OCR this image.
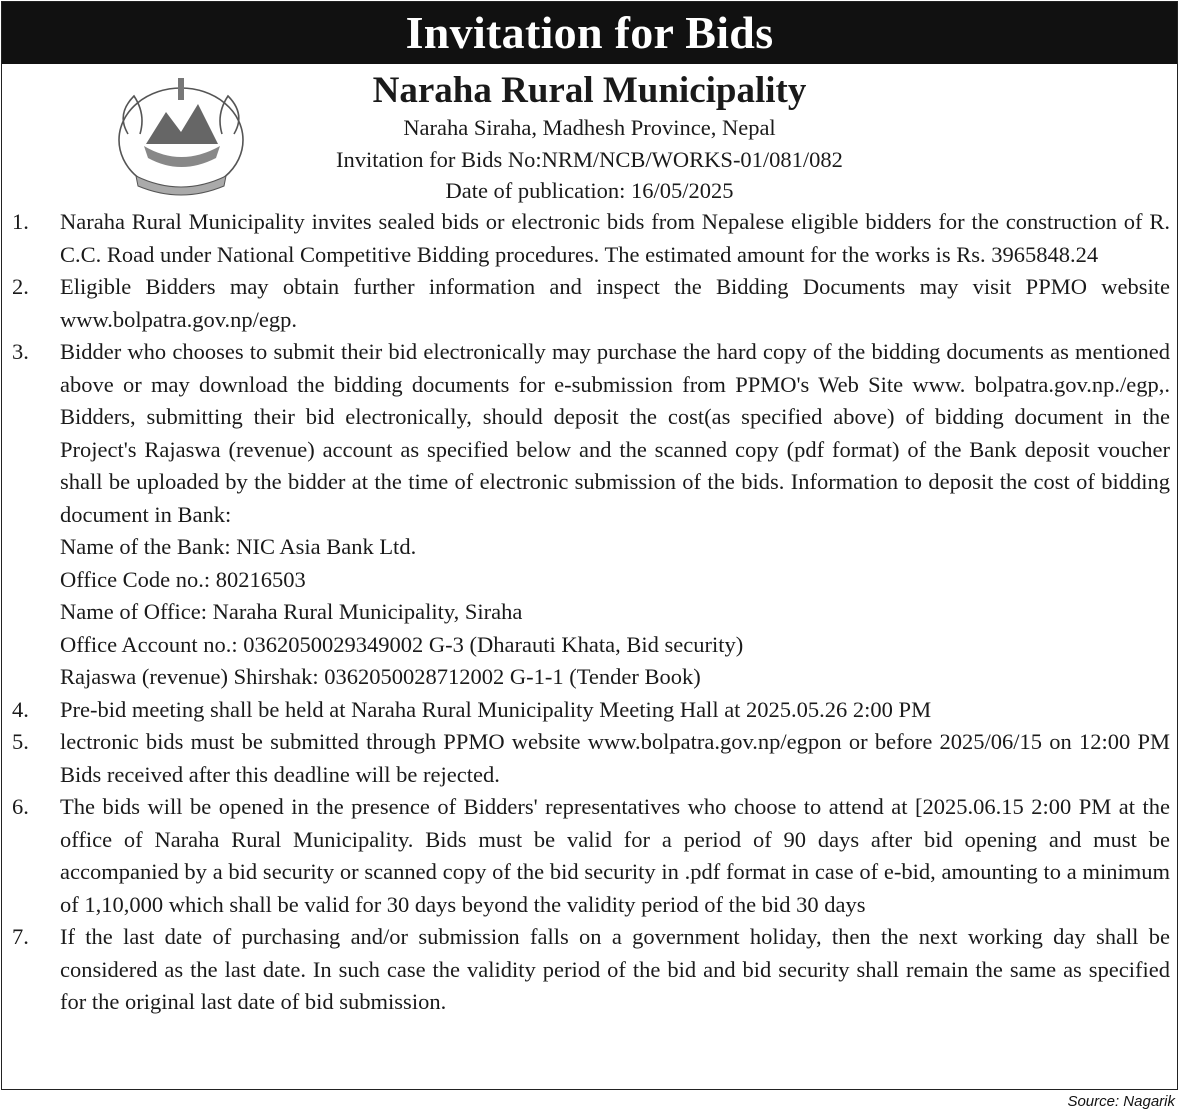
Invitation for Bids
Naraha Rural Municipality
Naraha Siraha, Madhesh Province, Nepal
Invitation for Bids No:NRM/NCB/WORKS-01/081/082
Date of publication: 16/05/2025
1. Naraha Rural Municipality invites sealed bids or electronic bids from Nepalese eligible bidders for the construction of R. C.C. Road under National Competitive Bidding procedures. The estimated amount for the works is Rs. 3965848.24
2. Eligible Bidders may obtain further information and inspect the Bidding Documents may visit PPMO website www.bolpatra.gov.np/egp.
3. Bidder who chooses to submit their bid electronically may purchase the hard copy of the bidding documents as mentioned above or may download the bidding documents for e-submission from PPMO's Web Site www. bolpatra.gov.np./egp,. Bidders, submitting their bid electronically, should deposit the cost(as specified above) of bidding document in the Project's Rajaswa (revenue) account as specified below and the scanned copy (pdf format) of the Bank deposit voucher shall be uploaded by the bidder at the time of electronic submission of the bids. Information to deposit the cost of bidding document in Bank:
Name of the Bank: NIC Asia Bank Ltd.
Office Code no.: 80216503
Name of Office: Naraha Rural Municipality, Siraha
Office Account no.: 0362050029349002 G-3 (Dharauti Khata, Bid security)
Rajaswa (revenue) Shirshak: 0362050028712002 G-1-1 (Tender Book)
4. Pre-bid meeting shall be held at Naraha Rural Municipality Meeting Hall at 2025.05.26 2:00 PM
5. lectronic bids must be submitted through PPMO website www.bolpatra.gov.np/egpon or before 2025/06/15 on 12:00 PM Bids received after this deadline will be rejected.
6. The bids will be opened in the presence of Bidders' representatives who choose to attend at [2025.06.15 2:00 PM at the office of Naraha Rural Municipality. Bids must be valid for a period of 90 days after bid opening and must be accompanied by a bid security or scanned copy of the bid security in .pdf format in case of e-bid, amounting to a minimum of 1,10,000 which shall be valid for 30 days beyond the validity period of the bid 30 days
7. If the last date of purchasing and/or submission falls on a government holiday, then the next working day shall be considered as the last date. In such case the validity period of the bid and bid security shall remain the same as specified for the original last date of bid submission.
Source: Nagarik
